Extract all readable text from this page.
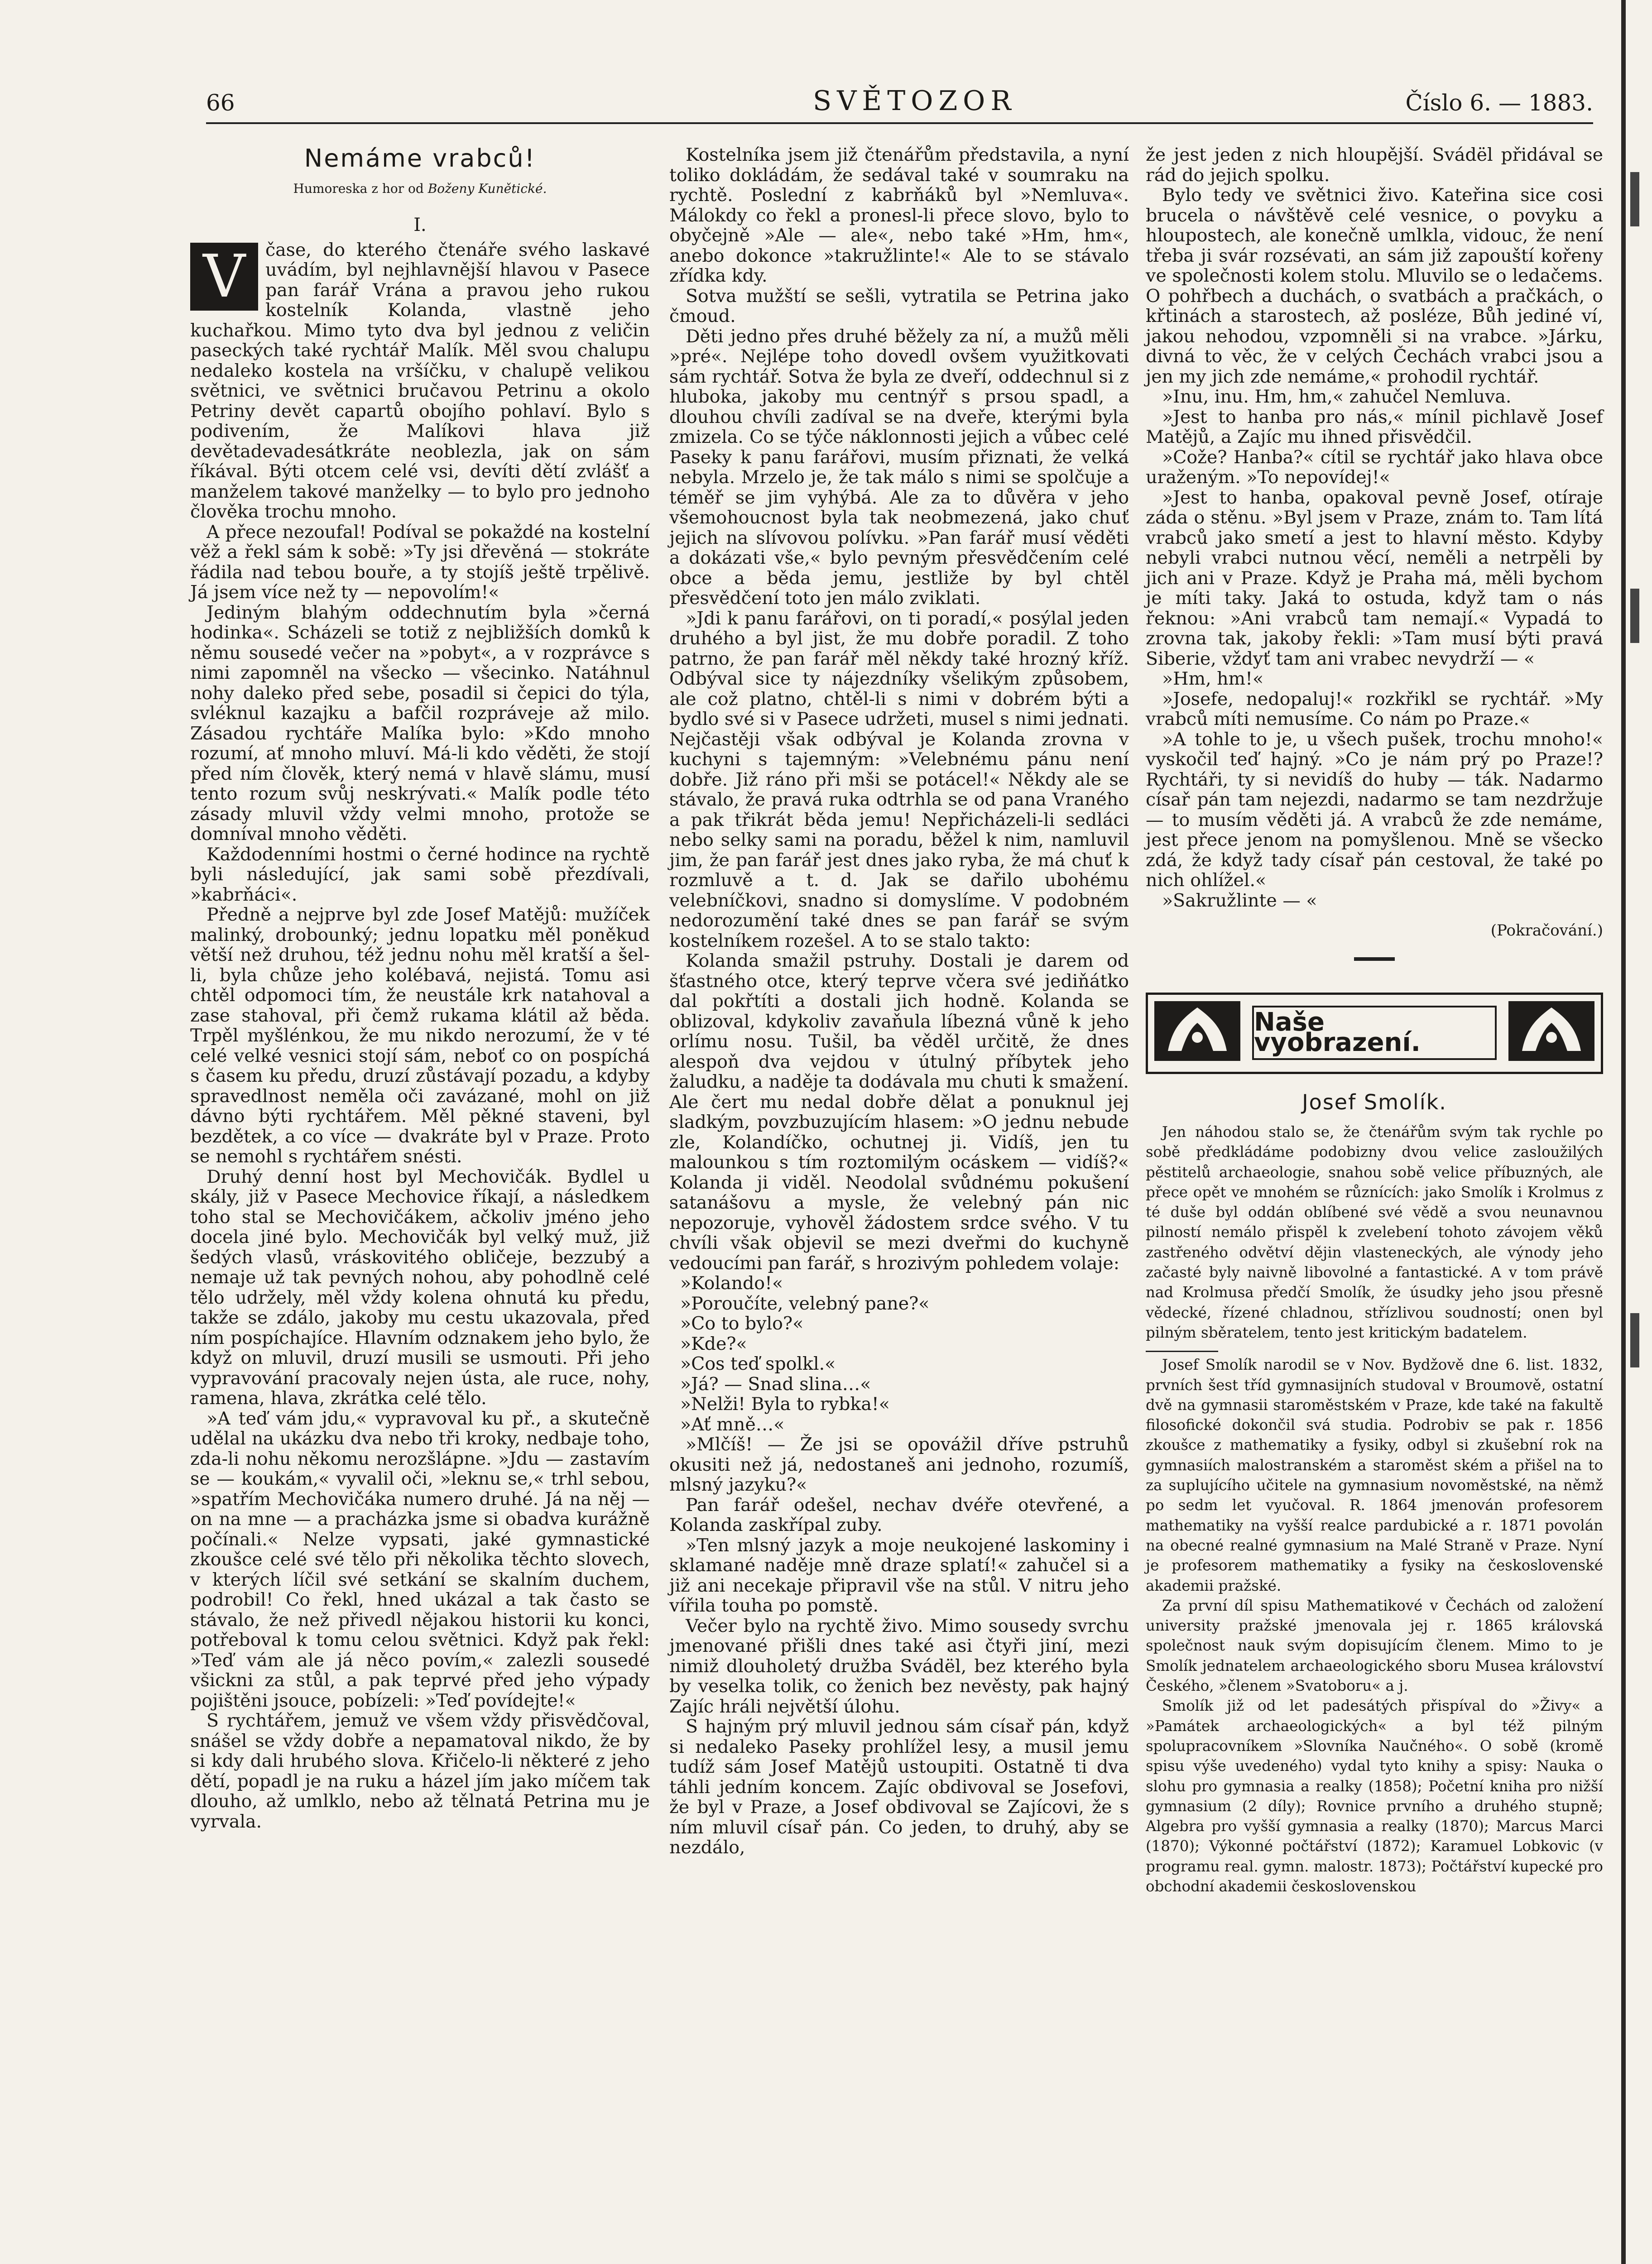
66	SVĚTOZOR	Číslo 6. — 1883.
Nemáme vrabců!
Humoreska z hor od Boženy Kunětické.
I.

V	čase, do kterého čtenáře svého laskavé uvádím, byl nejhlavnější hlavou v Pasece pan farář Vrána a pravou jeho rukou kostelník Kolanda, vlastně jeho kuchařkou. Mimo tyto dva byl jednou z veličin paseckých také rychtář Malík. Měl svou chalupu nedaleko kostela na vršíčku, v chalupě velikou světnici, ve světnici bručavou Petrinu a okolo Petriny devět capartů obojího pohlaví. Bylo s podivením, že Malíkovi hlava již devětadevadesátkráte neoblezla, jak on sám říkával. Býti otcem celé vsi, devíti dětí zvlášť a manželem takové manželky — to bylo pro jednoho člověka trochu mnoho.

A přece nezoufal! Podíval se pokaždé na kostelní věž a řekl sám k sobě: »Ty jsi dřevěná — stokráte řádila nad tebou bouře, a ty stojíš ještě trpělivě. Já jsem více než ty — nepovolím!«

Jediným blahým oddechnutím byla »černá hodinka«. Scházeli se totiž z nejbližších domků k němu sousedé večer na »pobyt«, a v rozprávce s nimi zapomněl na všecko — všecinko. Natáhnul nohy daleko před sebe, posadil si čepici do týla, svléknul kazajku a bafčil rozpráveje až milo. Zásadou rychtáře Malíka bylo: »Kdo mnoho rozumí, ať mnoho mluví. Má-li kdo věděti, že stojí před ním člověk, který nemá v hlavě slámu, musí tento rozum svůj neskrývati.« Malík podle této zásady mluvil vždy velmi mnoho, protože se domníval mnoho věděti.

Každodenními hostmi o černé hodince na rychtě byli následující, jak sami sobě přezdívali, »kabrňáci«.

Předně a nejprve byl zde Josef Matějů: mužíček malinký, drobounký; jednu lopatku měl poněkud větší než druhou, též jednu nohu měl kratší a šel-li, byla chůze jeho kolébavá, nejistá. Tomu asi chtěl odpomoci tím, že neustále krk natahoval a zase stahoval, při čemž rukama klátil až běda. Trpěl myšlénkou, že mu nikdo nerozumí, že v té celé velké vesnici stojí sám, neboť co on pospíchá s časem ku předu, druzí zůstávají pozadu, a kdyby spravedlnost neměla oči zavázané, mohl on již dávno býti rychtářem. Měl pěkné staveni, byl bezdětek, a co více — dvakráte byl v Praze. Proto se nemohl s rychtářem snésti.

Druhý denní host byl Mechovičák. Bydlel u skály, již v Pasece Mechovice říkají, a následkem toho stal se Mechovičákem, ačkoliv jméno jeho docela jiné bylo. Mechovičák byl velký muž, již šedých vlasů, vráskovitého obličeje, bezzubý a nemaje už tak pevných nohou, aby pohodlně celé tělo udržely, měl vždy kolena ohnutá ku předu, takže se zdálo, jakoby mu cestu ukazovala, před ním pospíchajíce. Hlavním odznakem jeho bylo, že když on mluvil, druzí musili se usmouti. Při jeho vypravování pracovaly nejen ústa, ale ruce, nohy, ramena, hlava, zkrátka celé tělo.

»A teď vám jdu,« vypravoval ku př., a skutečně udělal na ukázku dva nebo tři kroky, nedbaje toho, zda-li nohu někomu nerozšlápne. »Jdu — zastavím se — koukám,« vyvalil oči, »leknu se,« trhl sebou, »spatřím Mechovičáka numero druhé. Já na něj — on na mne — a pracházka jsme si obadva kurážně počínali.« Nelze vypsati, jaké gymnastické zkoušce celé své tělo při několika těchto slovech, v kterých líčil své setkání se skalním duchem, podrobil! Co řekl, hned ukázal a tak často se stávalo, že než přivedl nějakou historii ku konci, potřeboval k tomu celou světnici. Když pak řekl: »Teď vám ale já něco povím,« zalezli sousedé všickni za stůl, a pak teprvé před jeho výpady pojištěni jsouce, pobízeli: »Teď povídejte!«

S rychtářem, jemuž ve všem vždy přisvědčoval, snášel se vždy dobře a nepamatoval nikdo, že by si kdy dali hrubého slova. Křičelo-li některé z jeho dětí, popadl je na ruku a házel jím jako míčem tak dlouho, až umlklo, nebo až tělnatá Petrina mu je vyrvala.

Kostelníka jsem již čtenářům představila, a nyní toliko dokládám, že sedával také v soumraku na rychtě. Poslední z kabrňáků byl »Nemluva«. Málokdy co řekl a pronesl-li přece slovo, bylo to obyčejně »Ale — ale«, nebo také »Hm, hm«, anebo dokonce »takružlinte!« Ale to se stávalo zřídka kdy.

Sotva mužští se sešli, vytratila se Petrina jako čmoud.

Děti jedno přes druhé běžely za ní, a mužů měli »pré«. Nejlépe toho dovedl ovšem využitkovati sám rychtář. Sotva že byla ze dveří, oddechnul si z hluboka, jakoby mu centnýř s prsou spadl, a dlouhou chvíli zadíval se na dveře, kterými byla zmizela. Co se týče náklonnosti jejich a vůbec celé Paseky k panu farářovi, musím přiznati, že velká nebyla. Mrzelo je, že tak málo s nimi se spolčuje a téměř se jim vyhýbá. Ale za to důvěra v jeho všemohoucnost byla tak neobmezená, jako chuť jejich na slívovou polívku. »Pan farář musí věděti a dokázati vše,« bylo pevným přesvědčením celé obce a běda jemu, jestliže by byl chtěl přesvědčení toto jen málo zviklati.

»Jdi k panu farářovi, on ti poradí,« posýlal jeden druhého a byl jist, že mu dobře poradil. Z toho patrno, že pan farář měl někdy také hrozný kříž. Odbýval sice ty nájezdníky všelikým způsobem, ale což platno, chtěl-li s nimi v dobrém býti a bydlo své si v Pasece udržeti, musel s nimi jednati. Nejčastěji však odbýval je Kolanda zrovna v kuchyni s tajemným: »Velebnému pánu není dobře. Již ráno při mši se potácel!« Někdy ale se stávalo, že pravá ruka odtrhla se od pana Vraného a pak třikrát běda jemu! Nepřicházeli-li sedláci nebo selky sami na poradu, běžel k nim, namluvil jim, že pan farář jest dnes jako ryba, že má chuť k rozmluvě a t. d. Jak se dařilo ubohému velebníčkovi, snadno si domyslíme. V podobném nedorozumění také dnes se pan farář se svým kostelníkem rozešel. A to se stalo takto:

Kolanda smažil pstruhy. Dostali je darem od šťastného otce, který teprve včera své jediňátko dal pokřtíti a dostali jich hodně. Kolanda se oblizoval, kdykoliv zavaňula líbezná vůně k jeho orlímu nosu. Tušil, ba věděl určitě, že dnes alespoň dva vejdou v útulný příbytek jeho žaludku, a naděje ta dodávala mu chuti k smažení. Ale čert mu nedal dobře dělat a ponuknul jej sladkým, povzbuzujícím hlasem: »O jednu nebude zle, Kolandíčko, ochutnej ji. Vidíš, jen tu malounkou s tím roztomilým ocáskem — vidíš?« Kolanda ji viděl. Neodolal svůdnému pokušení satanášovu a mysle, že velebný pán nic nepozoruje, vyhověl žádostem srdce svého. V tu chvíli však objevil se mezi dveřmi do kuchyně vedoucími pan farář, s hrozivým pohledem volaje:

»Kolando!«

»Poroučíte, velebný pane?«

»Co to bylo?«

»Kde?«

»Cos teď spolkl.«

»Já? — Snad slina…«

»Nelži! Byla to rybka!«

»Ať mně…«

»Mlčíš! — Že jsi se opovážil dříve pstruhů okusiti než já, nedostaneš ani jednoho, rozumíš, mlsný jazyku?«

Pan farář odešel, nechav dvéře otevřené, a Kolanda zaskřípal zuby.

»Ten mlsný jazyk a moje neukojené laskominy i sklamané naděje mně draze splatí!« zahučel si a již ani necekaje připravil vše na stůl. V nitru jeho vířila touha po pomstě.

Večer bylo na rychtě živo. Mimo sousedy svrchu jmenované přišli dnes také asi čtyři jiní, mezi nimiž dlouholetý družba Svádël, bez kterého byla by veselka tolik, co ženich bez nevěsty, pak hajný Zajíc hráli největší úlohu.

S hajným prý mluvil jednou sám císař pán, když si nedaleko Paseky prohlížel lesy, a musil jemu tudíž sám Josef Matějů ustoupiti. Ostatně ti dva táhli jedním koncem. Zajíc obdivoval se Josefovi, že byl v Praze, a Josef obdivoval se Zajícovi, že s ním mluvil císař pán. Co jeden, to druhý, aby se nezdálo,

že jest jeden z nich hloupější. Svádël přidával se rád do jejich spolku.

Bylo tedy ve světnici živo. Kateřina sice cosi brucela o návštěvě celé vesnice, o povyku a hloupostech, ale konečně umlkla, vidouc, že není třeba ji svár rozsévati, an sám již zapouští kořeny ve společnosti kolem stolu. Mluvilo se o ledačems. O pohřbech a duchách, o svatbách a pračkách, o křtinách a starostech, až posléze, Bůh jediné ví, jakou nehodou, vzpomněli si na vrabce. »Járku, divná to věc, že v celých Čechách vrabci jsou a jen my jich zde nemáme,« prohodil rychtář.

»Inu, inu. Hm, hm,« zahučel Nemluva.

»Jest to hanba pro nás,« mínil pichlavě Josef Matějů, a Zajíc mu ihned přisvědčil.

»Cože? Hanba?« cítil se rychtář jako hlava obce uraženým. »To nepovídej!«

»Jest to hanba, opakoval pevně Josef, otíraje záda o stěnu. »Byl jsem v Praze, znám to. Tam lítá vrabců jako smetí a jest to hlavní město. Kdyby nebyli vrabci nutnou věcí, neměli a netrpěli by jich ani v Praze. Když je Praha má, měli bychom je míti taky. Jaká to ostuda, když tam o nás řeknou: »Ani vrabců tam nemají.« Vypadá to zrovna tak, jakoby řekli: »Tam musí býti pravá Siberie, vždyť tam ani vrabec nevydrží — «

»Hm, hm!«

»Josefe, nedopaluj!« rozkřikl se rychtář. »My vrabců míti nemusíme. Co nám po Praze.«

»A tohle to je, u všech pušek, trochu mnoho!« vyskočil teď hajný. »Co je nám prý po Praze!? Rychtáři, ty si nevidíš do huby — ták. Nadarmo císař pán tam nejezdi, nadarmo se tam nezdržuje — to musím věděti já. A vrabců že zde nemáme, jest přece jenom na pomyšlenou. Mně se všecko zdá, že když tady císař pán cestoval, že také po nich ohlížel.«

»Sakružlinte — «

(Pokračování.)
Naše vyobrazení.
Josef Smolík.

Jen náhodou stalo se, že čtenářům svým tak rychle po sobě předkládáme podobizny dvou velice zasloužilých pěstitelů archaeologie, snahou sobě velice příbuzných, ale přece opět ve mnohém se různících: jako Smolík i Krolmus z té duše byl oddán oblíbené své vědě a svou neunavnou pilností nemálo přispěl k zvelebení tohoto závojem věků zastřeného odvětví dějin vlasteneckých, ale výnody jeho začasté byly naivně libovolné a fantastické. A v tom právě nad Krolmusa předčí Smolík, že úsudky jeho jsou přesně vědecké, řízené chladnou, střízlivou soudností; onen byl pilným sběratelem, tento jest kritickým badatelem.

Josef Smolík narodil se v Nov. Bydžově dne 6. list. 1832, prvních šest tříd gymnasijních studoval v Broumově, ostatní dvě na gymnasii staroměstském v Praze, kde také na fakultě filosofické dokončil svá studia. Podrobiv se pak r. 1856 zkoušce z mathematiky a fysiky, odbyl si zkušební rok na gymnasiích malostranském a staroměst ském a přišel na to za suplujícího učitele na gymnasium novoměstské, na němž po sedm let vyučoval. R. 1864 jmenován profesorem mathematiky na vyšší realce pardubické a r. 1871 povolán na obecné realné gymnasium na Malé Straně v Praze. Nyní je profesorem mathematiky a fysiky na československé akademii pražské.

Za první díl spisu Mathematikové v Čechách od založení university pražské jmenovala jej r. 1865 královská společnost nauk svým dopisujícím členem. Mimo to je Smolík jednatelem archaeologického sboru Musea království Českého, »členem »Svatoboru« a j.

Smolík již od let padesátých přispíval do »Živy« a »Památek archaeologických« a byl též pilným spolupracovníkem »Slovníka Naučného«. O sobě (kromě spisu výše uvedeného) vydal tyto knihy a spisy: Nauka o slohu pro gymnasia a realky (1858); Početní kniha pro nižší gymnasium (2 díly); Rovnice prvního a druhého stupně; Algebra pro vyšší gymnasia a realky (1870); Marcus Marci (1870); Výkonné počtářství (1872); Karamuel Lobkovic (v programu real. gymn. malostr. 1873); Počtářství kupecké pro obchodní akademii československou
